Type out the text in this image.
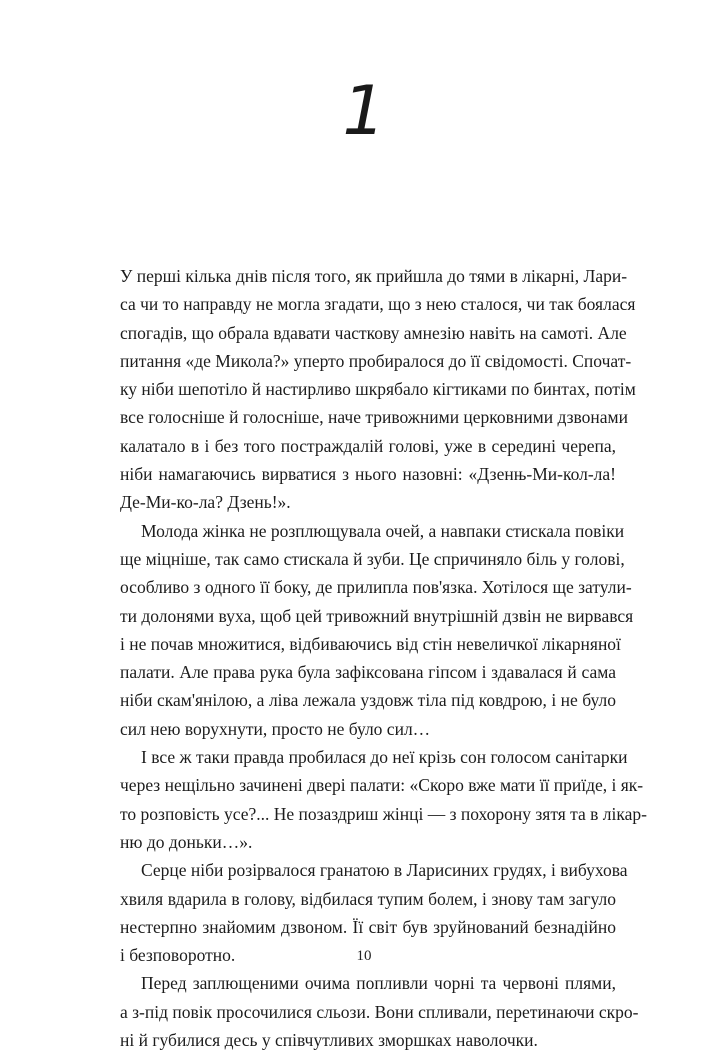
1
У перші кілька днів після того, як прийшла до тями в лікарні, Лари-
са чи то направду не могла згадати, що з нею сталося, чи так боялася
спогадів, що обрала вдавати часткову амнезію навіть на самоті. Але
питання «де Микола?» уперто пробиралося до її свідомості. Спочат-
ку ніби шепотіло й настирливо шкрябало кігтиками по бинтах, потім
все голосніше й голосніше, наче тривожними церковними дзвонами
калатало в і без того постраждалій голові, уже в середині черепа,
ніби намагаючись вирватися з нього назовні: «Дзенњ-Ми-кол-ла!
Де-Ми-ко-ла? Дзень!».
Молода жінка не розплющувала очей, а навпаки стискала повіки
ще міцніше, так само стискала й зуби. Це спричиняло біль у голові,
особливо з одного її боку, де прилипла пов'язка. Хотілося ще затули-
ти долонями вуха, щоб цей тривожний внутрішній дзвін не вирвався
і не почав множитися, відбиваючись від стін невеличкої лікарняної
палати. Але права рука була зафіксована гіпсом і здавалася й сама
ніби скам'янілою, а ліва лежала уздовж тіла під ковдрою, і не було
сил нею ворухнути, просто не було сил…
І все ж таки правда пробилася до неї крізь сон голосом санітарки
через нещільно зачинені двері палати: «Скоро вже мати її приїде, і як-
то розповість усе?... Не позаздриш жінці — з похорону зятя та в лікар-
ню до доньки…».
Серце ніби розірвалося гранатою в Ларисиних грудях, і вибухова
хвиля вдарила в голову, відбилася тупим болем, і знову там загуло
нестерпно знайомим дзвоном. Її світ був зруйнований безнадійно
і безповоротно.
Перед заплющеними очима попливли чорні та червоні плями,
а з-під повік просочилися сльози. Вони спливали, перетинаючи скро-
ні й губилися десь у співчутливих зморшках наволочки.
10
